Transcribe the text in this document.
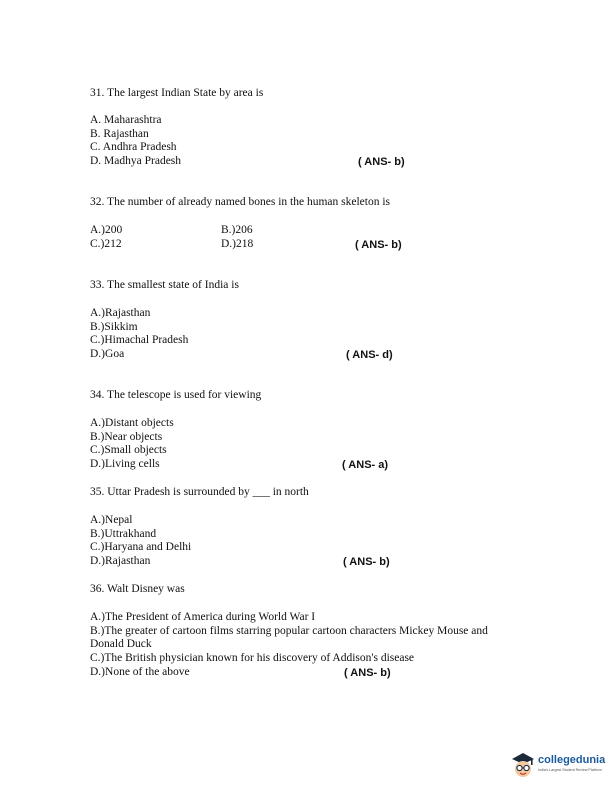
31. The largest Indian State by area is
A. Maharashtra
B. Rajasthan
C. Andhra Pradesh
D. Madhya Pradesh	( ANS- b)
32. The number of already named bones in the human skeleton is
A.)200	B.)206
C.)212	D.)218	( ANS- b)
33. The smallest state of India is
A.)Rajasthan
B.)Sikkim
C.)Himachal Pradesh
D.)Goa	( ANS- d)
34. The telescope is used for viewing
A.)Distant objects
B.)Near objects
C.)Small objects
D.)Living cells	( ANS- a)
35. Uttar Pradesh is surrounded by ___ in north
A.)Nepal
B.)Uttrakhand
C.)Haryana and Delhi
D.)Rajasthan	( ANS- b)
36. Walt Disney was
A.)The President of America during World War I
B.)The greater of cartoon films starring popular cartoon characters Mickey Mouse and Donald Duck
C.)The British physician known for his discovery of Addison's disease
D.)None of the above	( ANS- b)
collegedunia
India's Largest Student Review Platform
